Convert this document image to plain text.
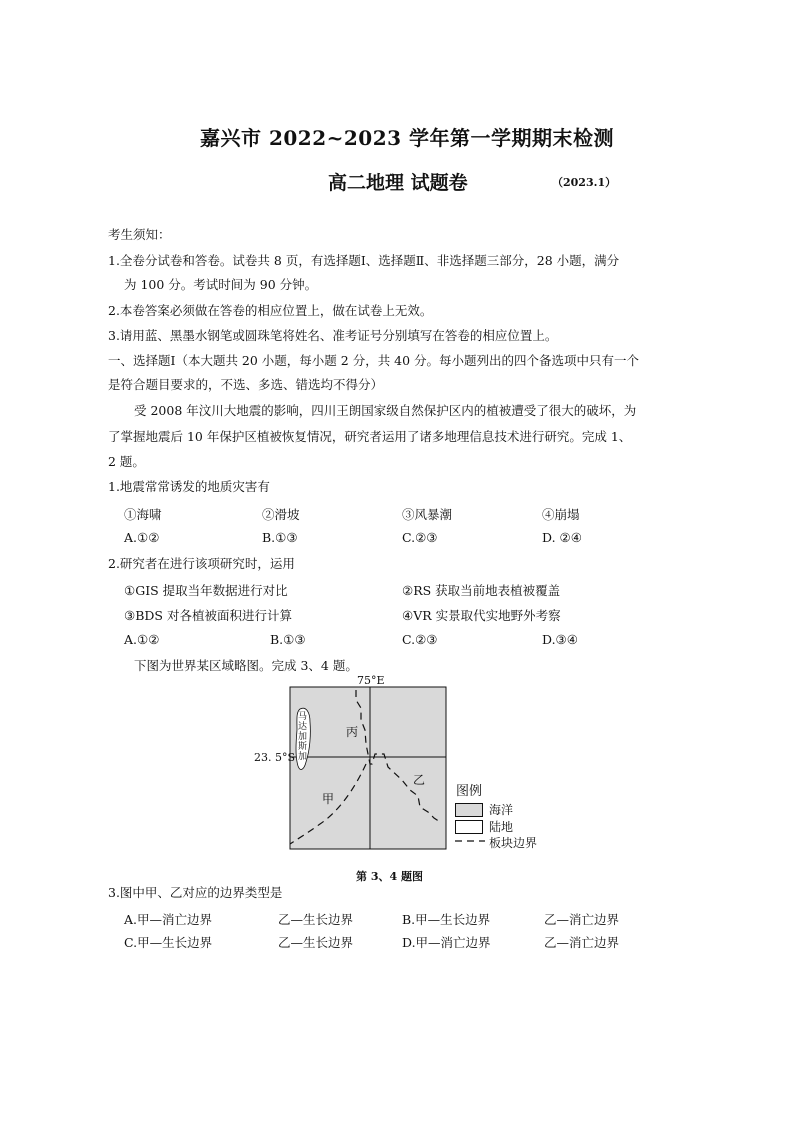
嘉兴市 2022~2023 学年第一学期期末检测
高二地理 试题卷	（2023.1）
考生须知：
1.全卷分试卷和答卷。试卷共 8 页，有选择题Ⅰ、选择题Ⅱ、非选择题三部分，28 小题，满分
为 100 分。考试时间为 90 分钟。
2.本卷答案必须做在答卷的相应位置上，做在试卷上无效。
3.请用蓝、黑墨水钢笔或圆珠笔将姓名、准考证号分别填写在答卷的相应位置上。
一、选择题Ⅰ（本大题共 20 小题，每小题 2 分，共 40 分。每小题列出的四个备选项中只有一个
是符合题目要求的，不选、多选、错选均不得分）
受 2008 年汶川大地震的影响，四川王朗国家级自然保护区内的植被遭受了很大的破坏，为
了掌握地震后 10 年保护区植被恢复情况，研究者运用了诸多地理信息技术进行研究。完成 1、
2 题。
1.地震常常诱发的地质灾害有
①海啸	②滑坡	③风暴潮	④崩塌
A.①②	B.①③	C.②③	D. ②④
2.研究者在进行该项研究时，运用
①GIS 提取当年数据进行对比	②RS 获取当前地表植被覆盖
③BDS 对各植被面积进行计算	④VR 实景取代实地野外考察
A.①②	B.①③	C.②③	D.③④
下图为世界某区域略图。完成 3、4 题。
75°E
23. 5°S
马达加斯加
丙
乙
甲	图例
海洋
陆地
板块边界
第 3、4 题图
3.图中甲、乙对应的边界类型是
A.甲—消亡边界	乙—生长边界	B.甲—生长边界	乙—消亡边界
C.甲—生长边界	乙—生长边界	D.甲—消亡边界	乙—消亡边界
